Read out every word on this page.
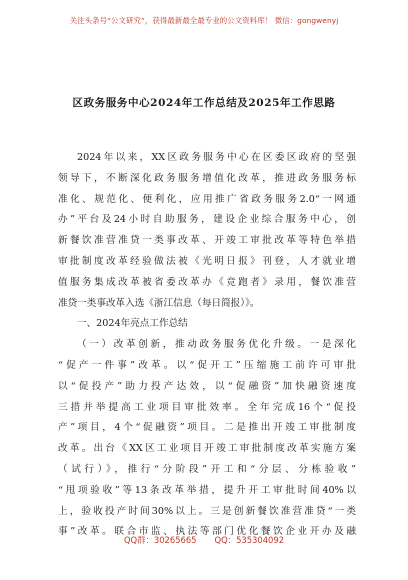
关注头条号“公文研究”，获得最新最全最专业的公文资料库！ 微信：gongwenyj
区政务服务中心2024年工作总结及2025年工作思路
2024年以来，XX区政务服务中心在区委区政府的坚强
领导下，不断深化政务服务增值化改革，推进政务服务标
准化、规范化、便利化，应用推广省政务服务2.0“一网通
办”平台及24小时自助服务，建设企业综合服务中心，创
新餐饮准营准贷一类事改革、开竣工审批改革等特色举措
审批制度改革经验做法被《光明日报》刊登，人才就业增
值服务集成改革被省委改革办《竞跑者》录用，餐饮准营
准贷一类事改革入选《浙江信息（每日简报）》。
一、2024年亮点工作总结
（一）改革创新，推动政务服务优化升级。一是深化
“促产一件事”改革。以“促开工”压缩施工前许可审批
以“促投产”助力投产达效，以“促融资”加快融资速度
三措并举提高工业项目审批效率。全年完成16个“促投
产”项目，4个“促融资”项目。二是推出开竣工审批制度
改革。出台《XX区工业项目开竣工审批制度改革实施方案
（试行）》，推行“分阶段”开工和“分层、分栋验收”
“甩项验收”等13条改革举措，提升开工审批时间40%以
上，验收投产时间30%以上。三是创新餐饮准营准贷“一类
事”改革。联合市监、执法等部门优化餐饮企业开办及融
QQ群：30265665 QQ：535304092
